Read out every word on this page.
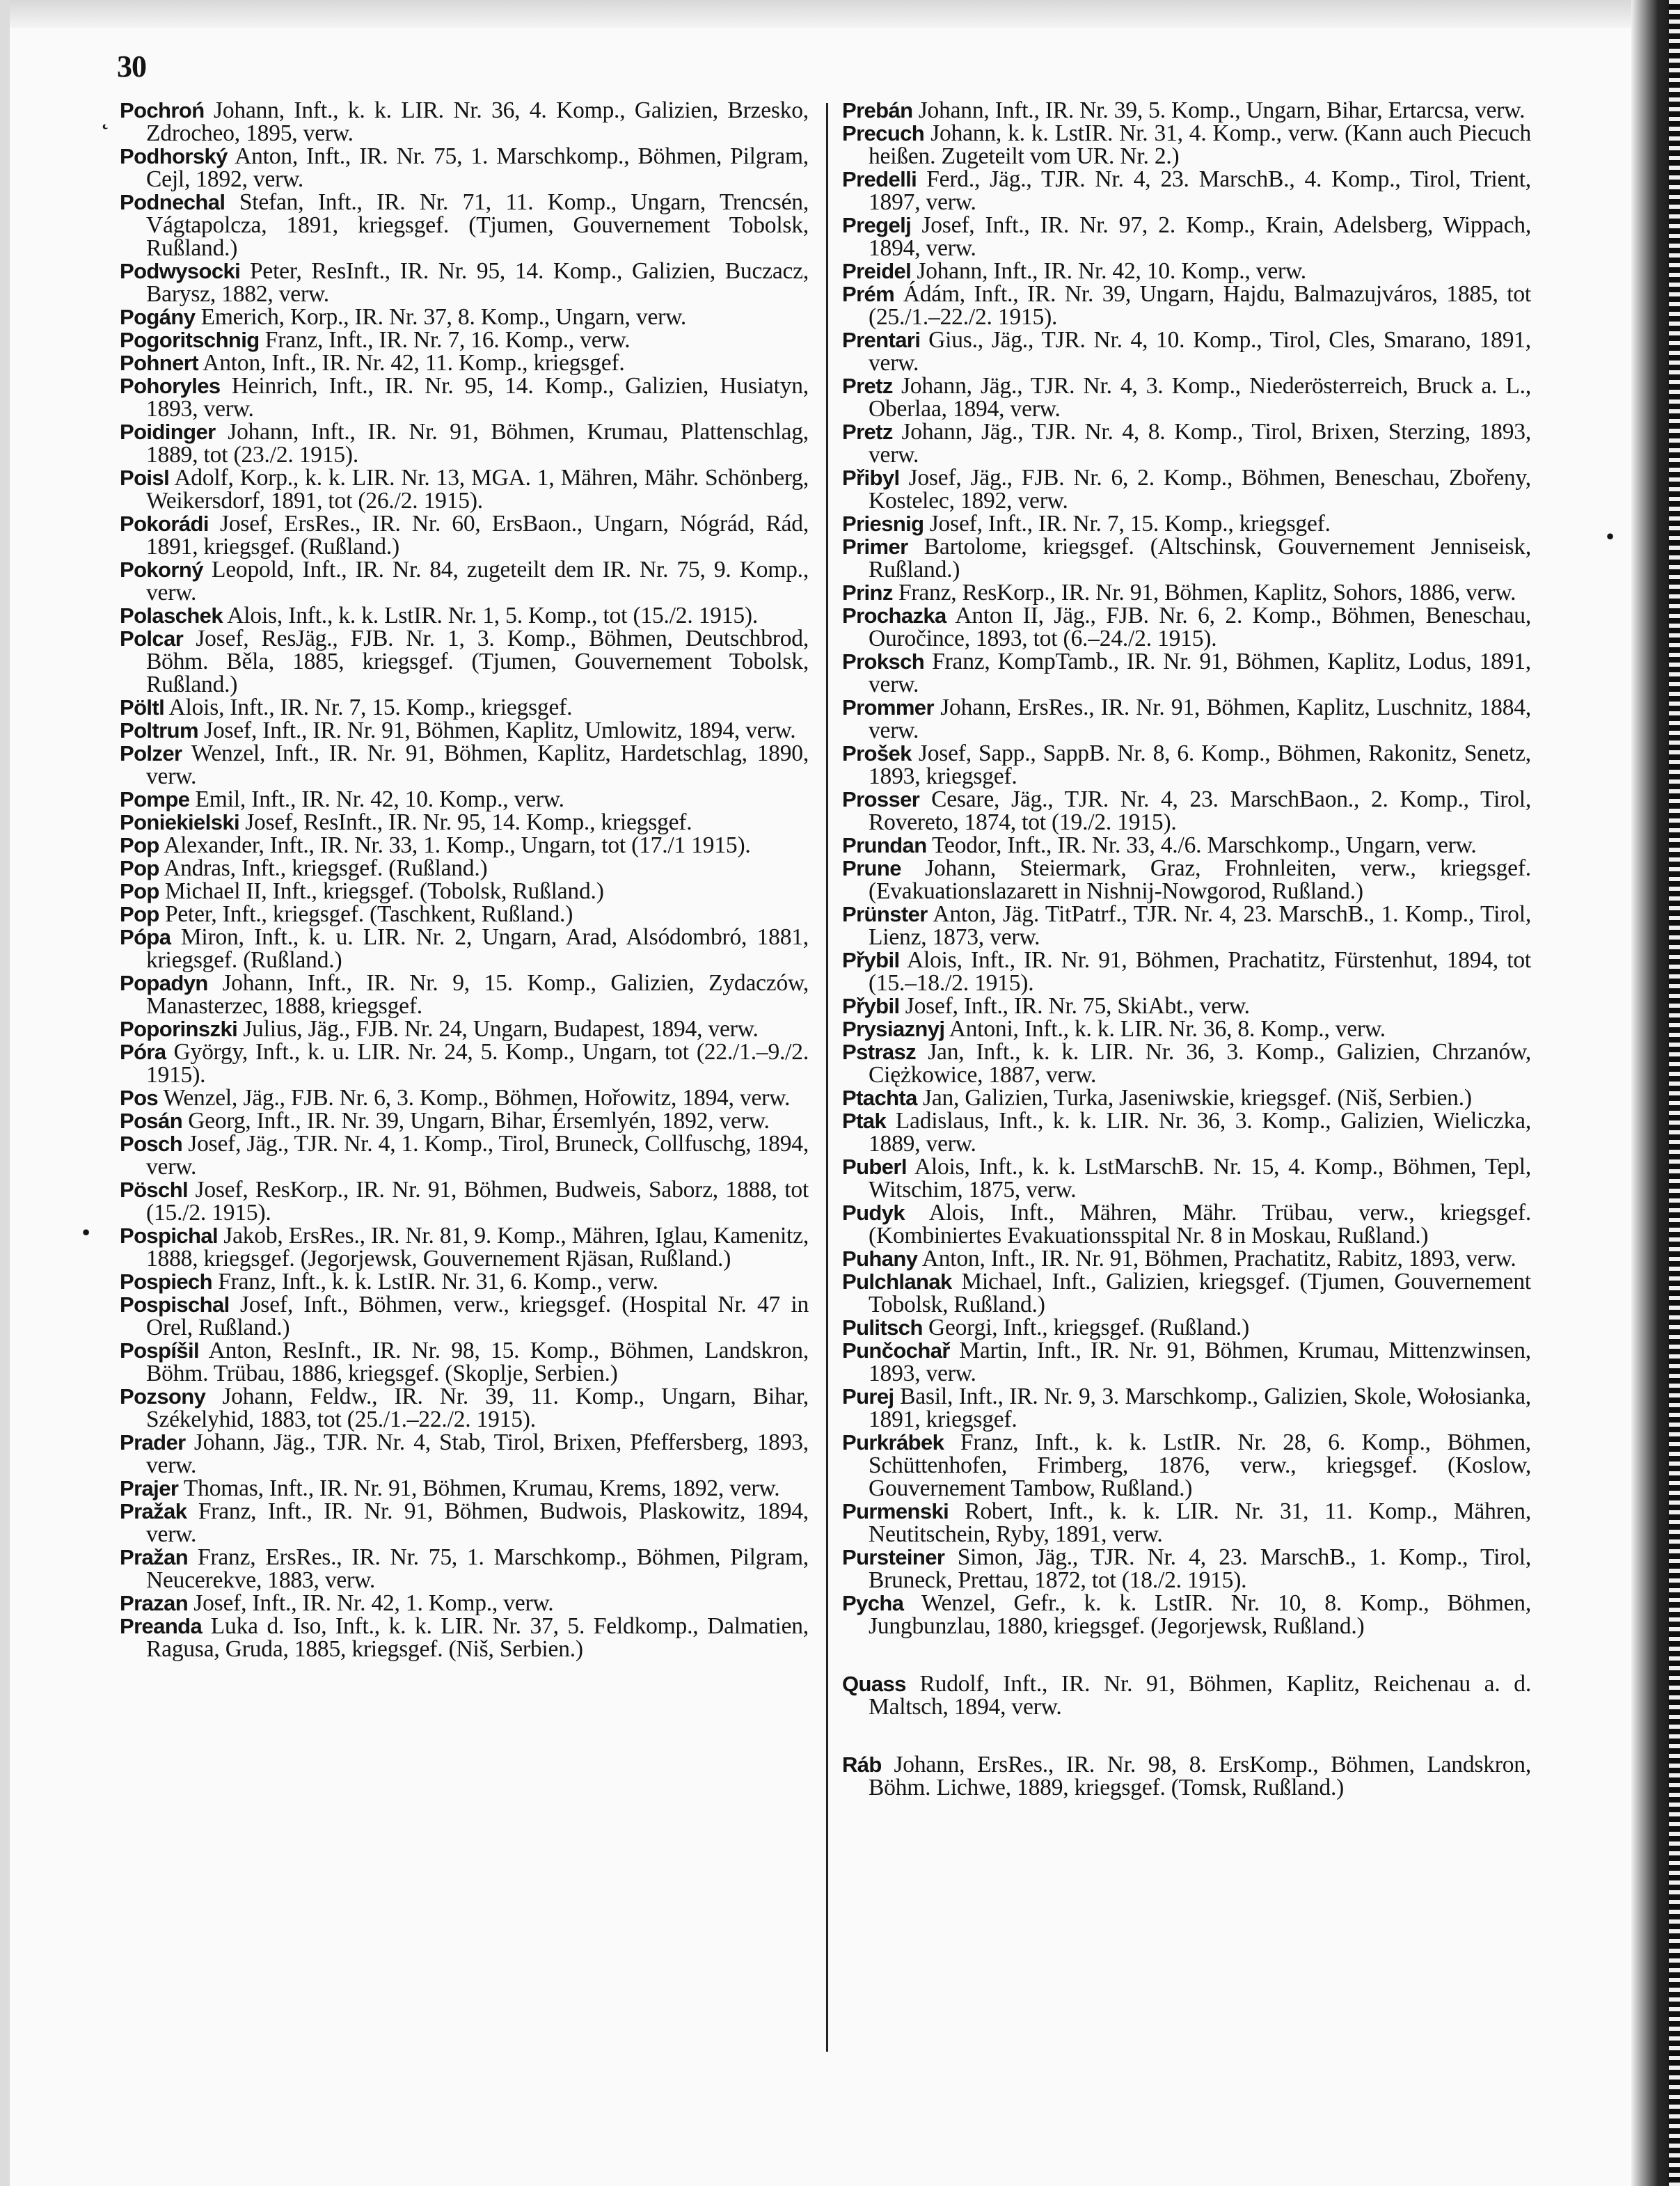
30
˛
•
•

Pochroń Johann, Inft., k. k. LIR. Nr. 36, 4. Komp., Galizien, Brzesko, Zdrocheo, 1895, verw.

Podhorský Anton, Inft., IR. Nr. 75, 1. Marschkomp., Böhmen, Pilgram, Cejl, 1892, verw.

Podnechal Stefan, Inft., IR. Nr. 71, 11. Komp., Ungarn, Trencsén, Vágtapolcza, 1891, kriegsgef. (Tjumen, Gouvernement Tobolsk, Rußland.)

Podwysocki Peter, ResInft., IR. Nr. 95, 14. Komp., Galizien, Buczacz, Barysz, 1882, verw.

Pogány Emerich, Korp., IR. Nr. 37, 8. Komp., Ungarn, verw.

Pogoritschnig Franz, Inft., IR. Nr. 7, 16. Komp., verw.

Pohnert Anton, Inft., IR. Nr. 42, 11. Komp., kriegsgef.

Pohoryles Heinrich, Inft., IR. Nr. 95, 14. Komp., Galizien, Husiatyn, 1893, verw.

Poidinger Johann, Inft., IR. Nr. 91, Böhmen, Krumau, Plattenschlag, 1889, tot (23./2. 1915).

Poisl Adolf, Korp., k. k. LIR. Nr. 13, MGA. 1, Mähren, Mähr. Schönberg, Weikersdorf, 1891, tot (26./2. 1915).

Pokorádi Josef, ErsRes., IR. Nr. 60, ErsBaon., Ungarn, Nógrád, Rád, 1891, kriegsgef. (Rußland.)

Pokorný Leopold, Inft., IR. Nr. 84, zugeteilt dem IR. Nr. 75, 9. Komp., verw.

Polaschek Alois, Inft., k. k. LstIR. Nr. 1, 5. Komp., tot (15./2. 1915).

Polcar Josef, ResJäg., FJB. Nr. 1, 3. Komp., Böhmen, Deutschbrod, Böhm. Běla, 1885, kriegsgef. (Tjumen, Gouvernement Tobolsk, Rußland.)

Pöltl Alois, Inft., IR. Nr. 7, 15. Komp., kriegsgef.

Poltrum Josef, Inft., IR. Nr. 91, Böhmen, Kaplitz, Umlowitz, 1894, verw.

Polzer Wenzel, Inft., IR. Nr. 91, Böhmen, Kaplitz, Hardetschlag, 1890, verw.

Pompe Emil, Inft., IR. Nr. 42, 10. Komp., verw.

Poniekielski Josef, ResInft., IR. Nr. 95, 14. Komp., kriegsgef.

Pop Alexander, Inft., IR. Nr. 33, 1. Komp., Ungarn, tot (17./1 1915).

Pop Andras, Inft., kriegsgef. (Rußland.)

Pop Michael II, Inft., kriegsgef. (Tobolsk, Rußland.)

Pop Peter, Inft., kriegsgef. (Taschkent, Rußland.)

Pópa Miron, Inft., k. u. LIR. Nr. 2, Ungarn, Arad, Alsódombró, 1881, kriegsgef. (Rußland.)

Popadyn Johann, Inft., IR. Nr. 9, 15. Komp., Galizien, Zydaczów, Manasterzec, 1888, kriegsgef.

Poporinszki Julius, Jäg., FJB. Nr. 24, Ungarn, Budapest, 1894, verw.

Póra György, Inft., k. u. LIR. Nr. 24, 5. Komp., Ungarn, tot (22./1.–9./2. 1915).

Pos Wenzel, Jäg., FJB. Nr. 6, 3. Komp., Böhmen, Hořowitz, 1894, verw.

Posán Georg, Inft., IR. Nr. 39, Ungarn, Bihar, Érsemlyén, 1892, verw.

Posch Josef, Jäg., TJR. Nr. 4, 1. Komp., Tirol, Bruneck, Collfuschg, 1894, verw.

Pöschl Josef, ResKorp., IR. Nr. 91, Böhmen, Budweis, Saborz, 1888, tot (15./2. 1915).

Pospichal Jakob, ErsRes., IR. Nr. 81, 9. Komp., Mähren, Iglau, Kamenitz, 1888, kriegsgef. (Jegorjewsk, Gouvernement Rjäsan, Rußland.)

Pospiech Franz, Inft., k. k. LstIR. Nr. 31, 6. Komp., verw.

Pospischal Josef, Inft., Böhmen, verw., kriegsgef. (Hospital Nr. 47 in Orel, Rußland.)

Pospíšil Anton, ResInft., IR. Nr. 98, 15. Komp., Böhmen, Landskron, Böhm. Trübau, 1886, kriegsgef. (Skoplje, Serbien.)

Pozsony Johann, Feldw., IR. Nr. 39, 11. Komp., Ungarn, Bihar, Székelyhid, 1883, tot (25./1.–22./2. 1915).

Prader Johann, Jäg., TJR. Nr. 4, Stab, Tirol, Brixen, Pfeffersberg, 1893, verw.

Prajer Thomas, Inft., IR. Nr. 91, Böhmen, Krumau, Krems, 1892, verw.

Pražak Franz, Inft., IR. Nr. 91, Böhmen, Budwois, Plaskowitz, 1894, verw.

Pražan Franz, ErsRes., IR. Nr. 75, 1. Marschkomp., Böhmen, Pilgram, Neucerekve, 1883, verw.

Prazan Josef, Inft., IR. Nr. 42, 1. Komp., verw.

Preanda Luka d. Iso, Inft., k. k. LIR. Nr. 37, 5. Feldkomp., Dalmatien, Ragusa, Gruda, 1885, kriegsgef. (Niš, Serbien.)

Prebán Johann, Inft., IR. Nr. 39, 5. Komp., Ungarn, Bihar, Ertarcsa, verw.

Precuch Johann, k. k. LstIR. Nr. 31, 4. Komp., verw. (Kann auch Piecuch heißen. Zugeteilt vom UR. Nr. 2.)

Predelli Ferd., Jäg., TJR. Nr. 4, 23. MarschB., 4. Komp., Tirol, Trient, 1897, verw.

Pregelj Josef, Inft., IR. Nr. 97, 2. Komp., Krain, Adelsberg, Wippach, 1894, verw.

Preidel Johann, Inft., IR. Nr. 42, 10. Komp., verw.

Prém Ádám, Inft., IR. Nr. 39, Ungarn, Hajdu, Balmazujváros, 1885, tot (25./1.–22./2. 1915).

Prentari Gius., Jäg., TJR. Nr. 4, 10. Komp., Tirol, Cles, Smarano, 1891, verw.

Pretz Johann, Jäg., TJR. Nr. 4, 3. Komp., Niederösterreich, Bruck a. L., Oberlaa, 1894, verw.

Pretz Johann, Jäg., TJR. Nr. 4, 8. Komp., Tirol, Brixen, Sterzing, 1893, verw.

Přibyl Josef, Jäg., FJB. Nr. 6, 2. Komp., Böhmen, Beneschau, Zbořeny, Kostelec, 1892, verw.

Priesnig Josef, Inft., IR. Nr. 7, 15. Komp., kriegsgef.

Primer Bartolome, kriegsgef. (Altschinsk, Gouvernement Jenniseisk, Rußland.)

Prinz Franz, ResKorp., IR. Nr. 91, Böhmen, Kaplitz, Sohors, 1886, verw.

Prochazka Anton II, Jäg., FJB. Nr. 6, 2. Komp., Böhmen, Beneschau, Ouročince, 1893, tot (6.–24./2. 1915).

Proksch Franz, KompTamb., IR. Nr. 91, Böhmen, Kaplitz, Lodus, 1891, verw.

Prommer Johann, ErsRes., IR. Nr. 91, Böhmen, Kaplitz, Luschnitz, 1884, verw.

Prošek Josef, Sapp., SappB. Nr. 8, 6. Komp., Böhmen, Rakonitz, Senetz, 1893, kriegsgef.

Prosser Cesare, Jäg., TJR. Nr. 4, 23. MarschBaon., 2. Komp., Tirol, Rovereto, 1874, tot (19./2. 1915).

Prundan Teodor, Inft., IR. Nr. 33, 4./6. Marschkomp., Ungarn, verw.

Prune Johann, Steiermark, Graz, Frohnleiten, verw., kriegsgef. (Evakuationslazarett in Nishnij-Nowgorod, Rußland.)

Prünster Anton, Jäg. TitPatrf., TJR. Nr. 4, 23. MarschB., 1. Komp., Tirol, Lienz, 1873, verw.

Přybil Alois, Inft., IR. Nr. 91, Böhmen, Prachatitz, Fürstenhut, 1894, tot (15.–18./2. 1915).

Přybil Josef, Inft., IR. Nr. 75, SkiAbt., verw.

Prysiaznyj Antoni, Inft., k. k. LIR. Nr. 36, 8. Komp., verw.

Pstrasz Jan, Inft., k. k. LIR. Nr. 36, 3. Komp., Galizien, Chrzanów, Ciężkowice, 1887, verw.

Ptachta Jan, Galizien, Turka, Jaseniwskie, kriegsgef. (Niš, Serbien.)

Ptak Ladislaus, Inft., k. k. LIR. Nr. 36, 3. Komp., Galizien, Wieliczka, 1889, verw.

Puberl Alois, Inft., k. k. LstMarschB. Nr. 15, 4. Komp., Böhmen, Tepl, Witschim, 1875, verw.

Pudyk Alois, Inft., Mähren, Mähr. Trübau, verw., kriegsgef. (Kombiniertes Evakuationsspital Nr. 8 in Moskau, Rußland.)

Puhany Anton, Inft., IR. Nr. 91, Böhmen, Prachatitz, Rabitz, 1893, verw.

Pulchlanak Michael, Inft., Galizien, kriegsgef. (Tjumen, Gouvernement Tobolsk, Rußland.)

Pulitsch Georgi, Inft., kriegsgef. (Rußland.)

Punčochař Martin, Inft., IR. Nr. 91, Böhmen, Krumau, Mittenzwinsen, 1893, verw.

Purej Basil, Inft., IR. Nr. 9, 3. Marschkomp., Galizien, Skole, Wołosianka, 1891, kriegsgef.

Purkrábek Franz, Inft., k. k. LstIR. Nr. 28, 6. Komp., Böhmen, Schüttenhofen, Frimberg, 1876, verw., kriegsgef. (Koslow, Gouvernement Tambow, Rußland.)

Purmenski Robert, Inft., k. k. LIR. Nr. 31, 11. Komp., Mähren, Neutitschein, Ryby, 1891, verw.

Pursteiner Simon, Jäg., TJR. Nr. 4, 23. MarschB., 1. Komp., Tirol, Bruneck, Prettau, 1872, tot (18./2. 1915).

Pycha Wenzel, Gefr., k. k. LstIR. Nr. 10, 8. Komp., Böhmen, Jungbunzlau, 1880, kriegsgef. (Jegorjewsk, Rußland.)

Quass Rudolf, Inft., IR. Nr. 91, Böhmen, Kaplitz, Reichenau a. d. Maltsch, 1894, verw.

Ráb Johann, ErsRes., IR. Nr. 98, 8. ErsKomp., Böhmen, Landskron, Böhm. Lichwe, 1889, kriegsgef. (Tomsk, Rußland.)
